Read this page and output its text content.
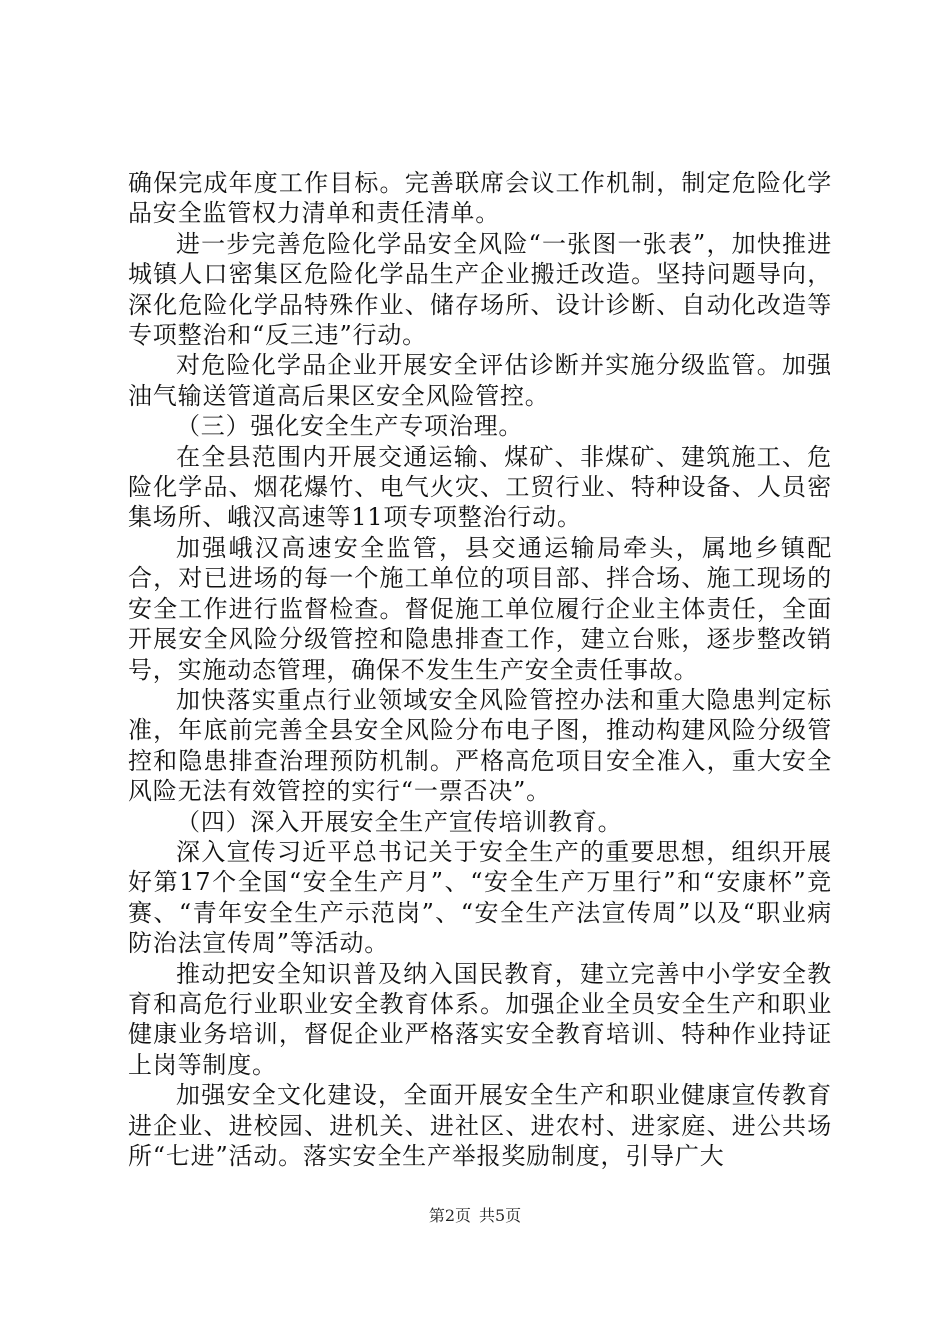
确保完成年度工作目标。完善联席会议工作机制，制定危险化学品安全监管权力清单和责任清单。

进一步完善危险化学品安全风险“一张图一张表”，加快推进城镇人口密集区危险化学品生产企业搬迁改造。坚持问题导向，深化危险化学品特殊作业、储存场所、设计诊断、自动化改造等专项整治和“反三违”行动。

对危险化学品企业开展安全评估诊断并实施分级监管。加强油气输送管道高后果区安全风险管控。

（三）强化安全生产专项治理。

在全县范围内开展交通运输、煤矿、非煤矿、建筑施工、危险化学品、烟花爆竹、电气火灾、工贸行业、特种设备、人员密集场所、峨汉高速等11项专项整治行动。

加强峨汉高速安全监管，县交通运输局牵头，属地乡镇配合，对已进场的每一个施工单位的项目部、拌合场、施工现场的安全工作进行监督检查。督促施工单位履行企业主体责任，全面开展安全风险分级管控和隐患排查工作，建立台账，逐步整改销号，实施动态管理，确保不发生生产安全责任事故。

加快落实重点行业领域安全风险管控办法和重大隐患判定标准，年底前完善全县安全风险分布电子图，推动构建风险分级管控和隐患排查治理预防机制。严格高危项目安全准入，重大安全风险无法有效管控的实行“一票否决”。

（四）深入开展安全生产宣传培训教育。

深入宣传习近平总书记关于安全生产的重要思想，组织开展好第17个全国“安全生产月”、“安全生产万里行”和“安康杯”竞赛、“青年安全生产示范岗”、“安全生产法宣传周”以及“职业病防治法宣传周”等活动。

推动把安全知识普及纳入国民教育，建立完善中小学安全教育和高危行业职业安全教育体系。加强企业全员安全生产和职业健康业务培训，督促企业严格落实安全教育培训、特种作业持证上岗等制度。

加强安全文化建设，全面开展安全生产和职业健康宣传教育进企业、进校园、进机关、进社区、进农村、进家庭、进公共场所“七进”活动。落实安全生产举报奖励制度，引导广大

第2页 共5页
